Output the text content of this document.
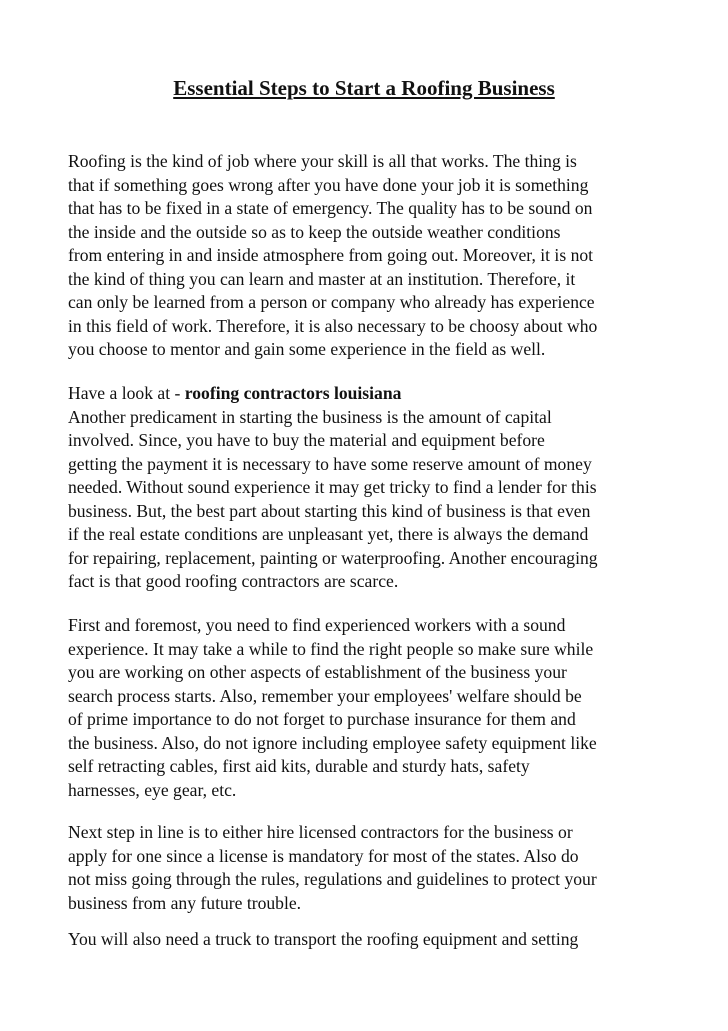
Essential Steps to Start a Roofing Business

Roofing is the kind of job where your skill is all that works. The thing is
that if something goes wrong after you have done your job it is something
that has to be fixed in a state of emergency. The quality has to be sound on
the inside and the outside so as to keep the outside weather conditions
from entering in and inside atmosphere from going out. Moreover, it is not
the kind of thing you can learn and master at an institution. Therefore, it
can only be learned from a person or company who already has experience
in this field of work. Therefore, it is also necessary to be choosy about who
you choose to mentor and gain some experience in the field as well.

Have a look at - roofing contractors louisiana
Another predicament in starting the business is the amount of capital
involved. Since, you have to buy the material and equipment before
getting the payment it is necessary to have some reserve amount of money
needed. Without sound experience it may get tricky to find a lender for this
business. But, the best part about starting this kind of business is that even
if the real estate conditions are unpleasant yet, there is always the demand
for repairing, replacement, painting or waterproofing. Another encouraging
fact is that good roofing contractors are scarce.

First and foremost, you need to find experienced workers with a sound
experience. It may take a while to find the right people so make sure while
you are working on other aspects of establishment of the business your
search process starts. Also, remember your employees' welfare should be
of prime importance to do not forget to purchase insurance for them and
the business. Also, do not ignore including employee safety equipment like
self retracting cables, first aid kits, durable and sturdy hats, safety
harnesses, eye gear, etc.

Next step in line is to either hire licensed contractors for the business or
apply for one since a license is mandatory for most of the states. Also do
not miss going through the rules, regulations and guidelines to protect your
business from any future trouble.

You will also need a truck to transport the roofing equipment and setting
